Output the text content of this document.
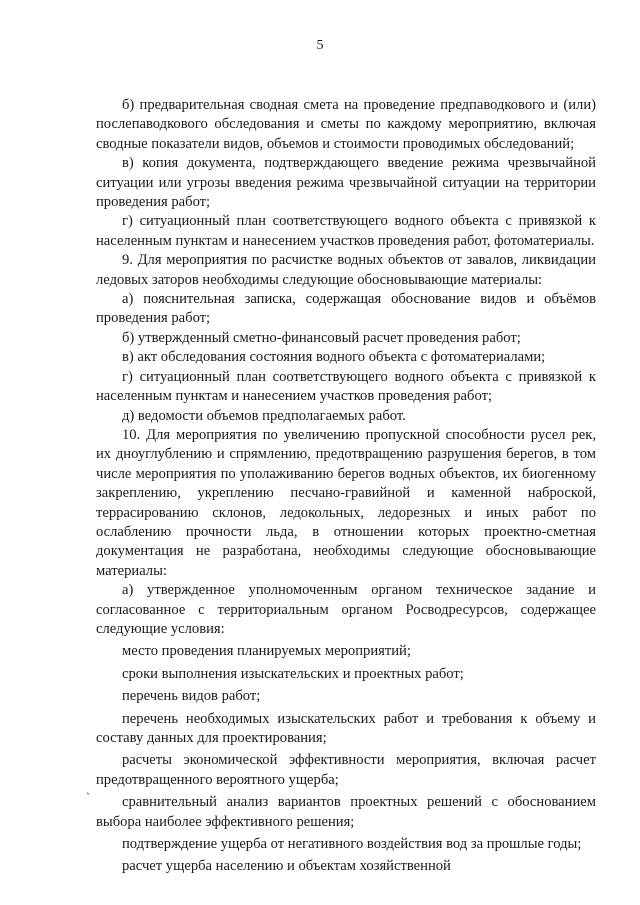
5

б) предварительная сводная смета на проведение предпаводкового и (или) послепаводкового обследования и сметы по каждому мероприятию, включая сводные показатели видов, объемов и стоимости проводимых обследований;

в) копия документа, подтверждающего введение режима чрезвычайной ситуации или угрозы введения режима чрезвычайной ситуации на территории проведения работ;

г) ситуационный план соответствующего водного объекта с привязкой к населенным пунктам и нанесением участков проведения работ, фотоматериалы.

9. Для мероприятия по расчистке водных объектов от завалов, ликвидации ледовых заторов необходимы следующие обосновывающие материалы:

а) пояснительная записка, содержащая обоснование видов и объёмов проведения работ;

б) утвержденный сметно-финансовый расчет проведения работ;

в) акт обследования состояния водного объекта с фотоматериалами;

г) ситуационный план соответствующего водного объекта с привязкой к населенным пунктам и нанесением участков проведения работ;

д) ведомости объемов предполагаемых работ.

10. Для мероприятия по увеличению пропускной способности русел рек, их дноуглублению и спрямлению, предотвращению разрушения берегов, в том числе мероприятия по уполаживанию берегов водных объектов, их биогенному закреплению, укреплению песчано-гравийной и каменной наброской, террасированию склонов, ледокольных, ледорезных и иных работ по ослаблению прочности льда, в отношении которых проектно-сметная документация не разработана, необходимы следующие обосновывающие материалы:

а) утвержденное уполномоченным органом техническое задание и согласованное с территориальным органом Росводресурсов, содержащее следующие условия:

место проведения планируемых мероприятий;

сроки выполнения изыскательских и проектных работ;

перечень видов работ;

перечень необходимых изыскательских работ и требования к объему и составу данных для проектирования;

расчеты экономической эффективности мероприятия, включая расчет предотвращенного вероятного ущерба;

сравнительный анализ вариантов проектных решений с обоснованием выбора наиболее эффективного решения;

подтверждение ущерба от негативного воздействия вод за прошлые годы;

расчет ущерба населению и объектам хозяйственной

`
